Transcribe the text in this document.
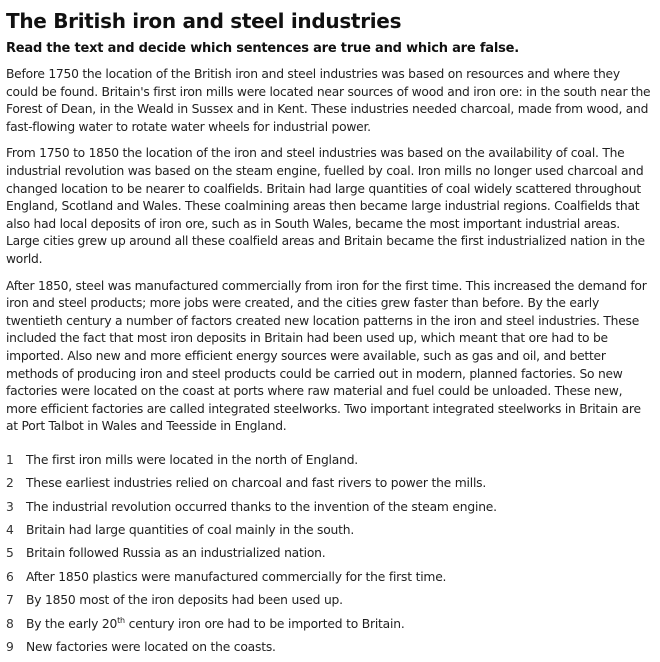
The British iron and steel industries

Read the text and decide which sentences are true and which are false.

Before 1750 the location of the British iron and steel industries was based on resources and where they could be found. Britain's first iron mills were located near sources of wood and iron ore: in the south near the Forest of Dean, in the Weald in Sussex and in Kent. These industries needed charcoal, made from wood, and fast-flowing water to rotate water wheels for industrial power.

From 1750 to 1850 the location of the iron and steel industries was based on the availability of coal. The industrial revolution was based on the steam engine, fuelled by coal. Iron mills no longer used charcoal and changed location to be nearer to coalfields. Britain had large quantities of coal widely scattered throughout England, Scotland and Wales. These coalmining areas then became large industrial regions. Coalfields that also had local deposits of iron ore, such as in South Wales, became the most important industrial areas. Large cities grew up around all these coalfield areas and Britain became the first industrialized nation in the world.

After 1850, steel was manufactured commercially from iron for the first time. This increased the demand for iron and steel products; more jobs were created, and the cities grew faster than before. By the early twentieth century a number of factors created new location patterns in the iron and steel industries. These included the fact that most iron deposits in Britain had been used up, which meant that ore had to be imported. Also new and more efficient energy sources were available, such as gas and oil, and better methods of producing iron and steel products could be carried out in modern, planned factories. So new factories were located on the coast at ports where raw material and fuel could be unloaded. These new, more efficient factories are called integrated steelworks. Two important integrated steelworks in Britain are at Port Talbot in Wales and Teesside in England.

1	The first iron mills were located in the north of England.
2	These earliest industries relied on charcoal and fast rivers to power the mills.
3	The industrial revolution occurred thanks to the invention of the steam engine.
4	Britain had large quantities of coal mainly in the south.
5	Britain followed Russia as an industrialized nation.
6	After 1850 plastics were manufactured commercially for the first time.
7	By 1850 most of the iron deposits had been used up.
8	By the early 20th century iron ore had to be imported to Britain.
9	New factories were located on the coasts.
